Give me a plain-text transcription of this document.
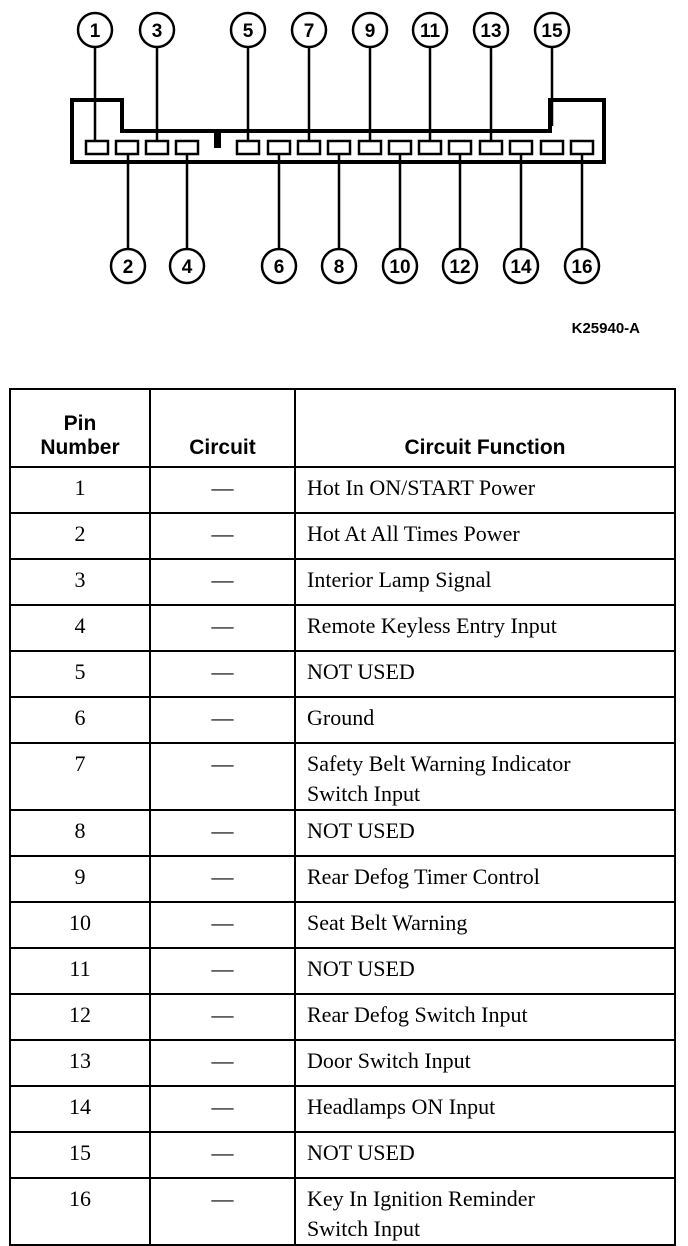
1	3	5	7	9 11 13 15
2	4	6	8 10 12 14 16
K25940-A
Pin
Number	Circuit	Circuit Function
1	—	Hot In ON/START Power
2	—	Hot At All Times Power
3	—	Interior Lamp Signal
4	—	Remote Keyless Entry Input
5	—	NOT USED
6	—	Ground
7	—	Safety Belt Warning Indicator
Switch Input
8	—	NOT USED
9	—	Rear Defog Timer Control
10	—	Seat Belt Warning
11	—	NOT USED
12	—	Rear Defog Switch Input
13	—	Door Switch Input
14	—	Headlamps ON Input
15	—	NOT USED
16	—	Key In Ignition Reminder
Switch Input
